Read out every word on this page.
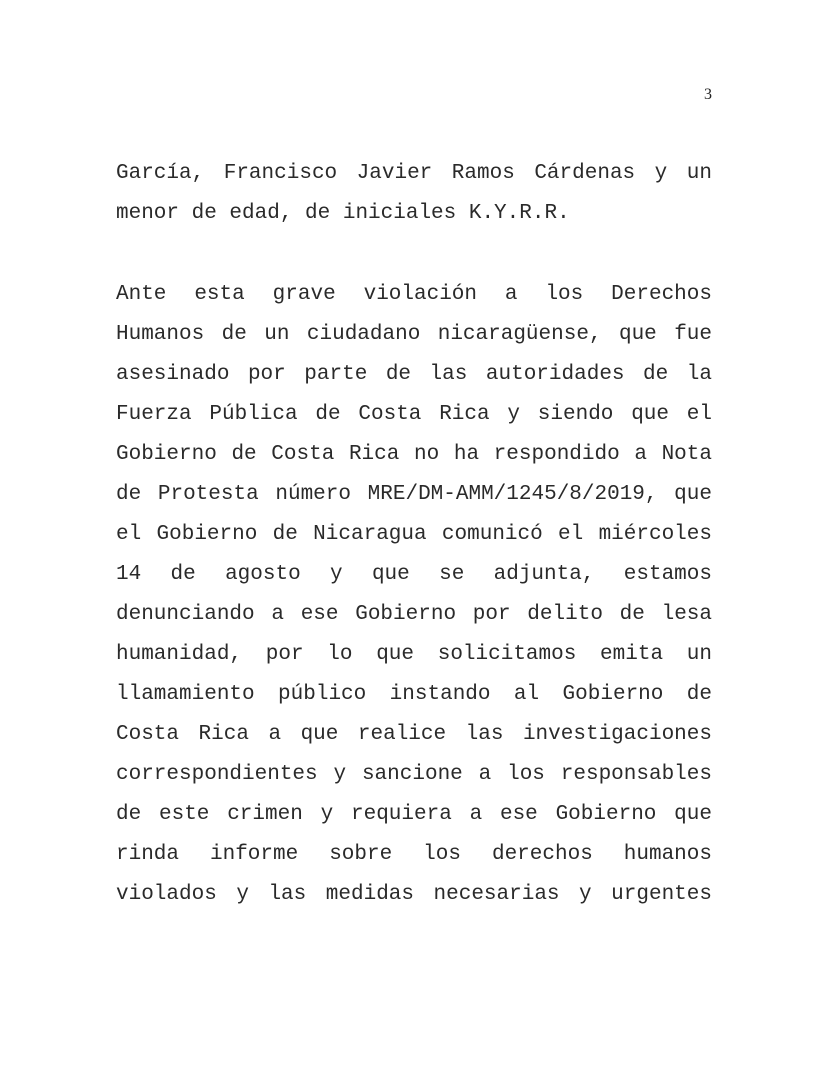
3
García, Francisco Javier Ramos Cárdenas y un
menor de edad, de iniciales K.Y.R.R.
Ante esta grave violación a los Derechos
Humanos de un ciudadano nicaragüense, que fue
asesinado por parte de las autoridades de la
Fuerza Pública de Costa Rica y siendo que el
Gobierno de Costa Rica no ha respondido a Nota
de Protesta número MRE/DM-AMM/1245/8/2019, que
el Gobierno de Nicaragua comunicó el miércoles
14 de agosto y que se adjunta, estamos
denunciando a ese Gobierno por delito de lesa
humanidad, por lo que solicitamos emita un
llamamiento público instando al Gobierno de
Costa Rica a que realice las investigaciones
correspondientes y sancione a los responsables
de este crimen y requiera a ese Gobierno que
rinda informe sobre los derechos humanos
violados y las medidas necesarias y urgentes
